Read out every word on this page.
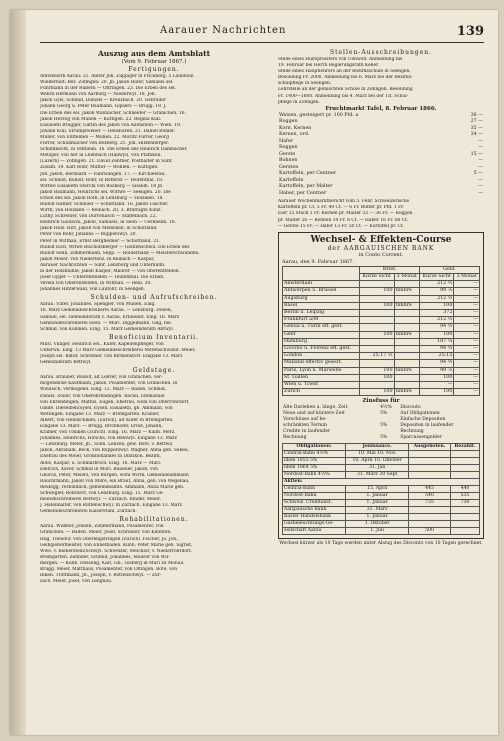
Aarauer Nachrichten	139
Auszug aus dem Amtsblatt
(Vom 9. Februar 1867.)
Fertigungen.
Amtsbezirk Aarau: 21. Aalter Joh. Zuppiger in Frickberg, 5 Laubholz.
Wiederholt: Bez. Zofingen: 20. Jb. Jakob Hofer, Samuels sel.
Fuhrmann in der Rubern — Oftringen. 23. Die Erben des sel.
Wehrli Hermann von Aarburg — Niederwyl. 18. Joh.
Jakob Gysi, Schmid, Daniels — Kreuzbach. 20. Gebrüder
Johann Georg u. Peter Baumann, Gipsers — Brugg. 18. J.
Die Erben des sel. Jakob Wannacher, Schneider — Gränichen. 16.
Jakob Herzog von Muhen — Küttigen. 22. Regina Kull.
Elisabeth Brugger, Gattin des Jakob von Auenstein — Wien. 19.
Johann Kull, Strumpfweber — Densbüren. 21. Daniel Bühler.
Müller, von Entfelden — Muhen. 22. Moritz Furrer, Georg
Furrer, Schuhmacher von Bözberg. 21. Joh. Hildenberger.
Schiltknecht, in Veltheim. 16. Die Erben des Heinrich Dambacher.
Metzger, von her in Leimbach (Hallwyl), von Pfäffikon.
(Luzern) — Zofingen. 21. David Zentner, Posthalter in Suhr.
Zusam. 19. Karl Rohr, Mutter — Wohlen. — Küttigen.
Joh. Jakob, Bernhard — Fahrwangen. 17. — Kirchleerau.
sel. Schmid, Rudolf, Rohr, in Rothrist — Teufenthal. 18.
Wittwe Elisabeth Sterchi von Bözberg — Sisseln. 18 Jb.
Jakob Baumann, Heinrichs sel. Wittwe — Seengen. 20. Die
Erben des sel. Jakob Roth, in Lenzburg — Holziken. 18.
Rudolf Hafner, Schmied — Schöftland. 16. Jakob Lüscher.
Wirth, von Holziken — Reinach. 20. 3. Bräfrägte Kunz.
Lüthy, Schreiner, von Dürrenäsch — Staffelbach. 22.
Heinrich Gautschi, Jakob, Samuels, in Seon — Uerkheim. 18.
Jakob Holz. Hirt, Jakob von Menziken, in Schöftland.
Peter von Rohr, Johanns — Rupperswyl. 20.
Peter in Wittnau, Ernst Bergheimer — Schöftland. 21.
Rudolf Eich, Witwe Bischofsberger — Gontenschwil. Die Erben des
Rudolf Senn, Zimmermann, Sepp. — Holderbank — Meisterschwanden.
Jakob Moser, von Niederlenz, in Reinach — Kaspar,
Aarauer Nachrichten — Suhr, Lenzburg und Unterkulm.
in der Holzmühle, Jakob Kasper, Maurer — von Oberentfelden.
Josef Gyger — Unterentfelden — Teufenthal. Die Erben.
Verein von Oberentfelden, in Wittnau. — Rein. 20.
Johannes Hinterwald, von Laufohr, in Seengen.
Schulden- und Aufrufschreiben.
Aarau. Vilter, Johannes, Spengler, von Muhen. Eing.
16. März Gemeindeschreiberei Aarau. — Lenzburg. Döbeli,
Samuel, sel. Gemeinderath v. Aarau, Erblasser. Eing. 16. März
Gemeindeschreiberei Seon. — Muri. Diggelmann, Gilg, bei
Schmid, von Kölliken. Eing. 15. März Gemeinderath Abtwyl.
Beneficium Inventarii.
Muri. Villiger, Heinrich sel., Küfer, Kapellenpfleger, von
Unterwil. Eing. 13 März Gemeindeschreiberei Merenschwand. Meier,
Joseph sel. Bater, Schreiner, von Birmenstorf. Eingabe 13. März
Gemeinderath Bettwyl.
Geldstage.
Aarau. Brauner, Rudolf, alt Lehrer, von Gränichen, ver-
mögendlose Kaufmann, Jakob, Posamenter, von Gränichen, in
Windisch, vermögend. Eing. 12. März — Baden. Schmid,
Daniel, Zeiler, von Oberehrendingen. Bächli, Emmanuel
von Ehrendingen; Mathis, Eugen, Ehefrau, wohl von Dberrohrdorf,
Gmde. Dieselben/Sysel, Eyseli, Elisabeth, gb. Ammann, von
Wettingen. Eingabe 13. März — Bremgarten. Kramer,
Albert, von Hendschiken, (Zürich), alt Küfer in Bremgarten.
Eingabe 13. März. — Brugg. Birchhofer, Ernst, Johann,
Krämer, von Umiken (Zürich). Eing. 16. März — Kulm. Merz,
Johannes, Heinrichs, Hirschs, von Beinwyl. Eingabe 13. März
— Lenzburg. Meier, Jb., Sohn, Lenzen, gew. Bote, v. Bettwil
Jakob, Abraham, Beck, von Rupperswyl. Wagner, Anna geb. Sebeli,
Ehefrau des Meier, Großhoflandes in Dintikon. Bezirk,
Alois, Kaspar, u. Schmarbrich. Eing. 16. März — Muri.
Dietrich, Xaver, Schmid in Muri. Rauener, Jakob, von
Ghoroz, Peter, Meiers, von Bürgen, wohl Wirth. Gemeindeammann
Rauchrmann, Jakob von Mure, ein Braut, Anna, geb. von Wegenau,
Reufegg, verbindlich, gemeindeamts. Ammann, Anna Marie geb.
Schwegler, Rohrdorf, von Lenzburg. Eing. 15. März Ge-
meindeschreiberei Bettwyl. — Zurzach. Binder, Meier,
J. Hafenhalter, von Ruttenschwyl, in Zurzach. Eingabe 13. März
Gemeindeschreiberei Kaiserstuhl, Zurzach.
Rehabilitationen.
Aarau. Widmer, Johann, Zimmermann, Posamenter, von
Gränichen. — Baden. Meier, Josef, Schreiner, von Klinnten.
Hug, Theodor, von Oberengstringen (Zürich). Fischer, Jo. Joh.,
Gelbgießermeister, von Ennetbaden. Kuhn, Peter Marie geb. Sigrist,
Wwe. v. Bieberstein/Schwyl. Schweizer, Melchior, v. Niederrohrdorf.
Bremgarten. Zehnder, Schmid, Johannes, Maurer von Wil-
mergen. — Kulm. Dessling, Karl, Gb., Gisberg in Muri zu Mönau.
Brugg. Meier, Matthäus, Posamenter, von Oltingen. Bote, von
Riken. Trottmann, Jb., Joseph, v. Rottenschwyl. — Zur-
zach. Meier, Josef, von Lengnau.
Stellen-Ausschreibungen.
Stelle eines Hülfspriesters von Uehwolf. Anmeldung bis
19. Februar bei Herrn Regierungsrath Keller.
Stelle eines Hauptlehrers an der Bezirksschule in Seengen.
Besoldung Fr. 2000. Anmeldung bis 6. März bei der Bezirks-
schulpflege in Seengen.
Lehrstelle an der gemischten Schule in Zofingen. Besoldung
Fr. 1400—1800. Anmeldung bis 4. März bei der Tit. Schul-
pflege in Zofingen.
Fruchtmarkt Tafel, 8. Februar 1866.
Weizen, gesteigert pr. 100 Pfd. a	36 —
Roggen	27 —
Korn, Kernen	35 —
Kernen, ord.	34 —
Hafer	—
Roggen	—
Gerste	15 —
Bohnen	—
Gersten	—
Kartoffeln, per Centner	5 —
Kartoffeln	—
Kartoffeln, per Malter	—
Haber, per Centner	—
Aarauer Wochenmarktbericht vom 5. Febr. Schweizerische
Kartoffeln pr. Ct. 5 Fr. 40 Ct. — 6 Fr. Butter pr. Pfd. 1 Fr.
Eier 15 Stück 1 Fr. Kernen pr. Malter 32 — 36 Fr. — Roggen
pr. Malter 26 — Bohnen 14 Fr. 8 Ct. — Haber 16 Fr. 80 Ct.
— Gerste 15 Fr. — Hafer 13 Fr. 50 Ct. — Kartoffel pr. Ct.
Wechsel- & Effekten-Course
der AARGAUISCHEN BANK
in Conto Corrent.
Aarau, den 9. Februar 1867.
	Brief.		Geld.	
	Kurze Sicht	3 Monat	Kurze Sicht	3 Monat
Amsterdam			212 ½	—
Antwerpen u. Brüssel	100	timbré	99 ⅞	—
Augsburg			212 ½	—
Basel	100	timbré	100	—
Berlin u. Leipzig			372	—
Frankfurt a/M			212 ½	—
Genua u. Turin eff. gest.			94 ½	—
Genf	100	timbré	100	—
Hamburg			187 ¼	—
Livorno u. Florenz eff. gest.			94 ½	—
London	25.17 ½		25.15	—
Mailand effectiv gesezt.			94 ½	—
Paris, Lyon u. Marseille	100	timbré	99 ⅞	—
St. Gallen	100		100	—
Wien u. Triest			—	—
Zürich	100	timbré	100	—
Zinsfuss für
Alte Darlehen a. länge. Zeit	4½%	Discouto
Neue und auf kürzere Zeit	5%	Auf Obligationen
Vorschüsse auf be-		Einfache Depositen
schränkten Termin	5%	Depositen in laufender
Credite in laufender		Rechnung
Rechnung	5%	Sparcassengelder
Obligationen:	Jouissance.	Ausgeboten.	Bezahlt.
Central-Bahn 4½%	10. Mai 10. Nov.		
idem 1855 5%	10. April 10. Oktober		
idem 1864 5%	31. Jan		
Nordost-Bahn 4½%	31. März 30 Sept		
Aktien:			
Central-Bahn	15. April	445	440
Nordost-Bahn	1. Januar	540	535
Schweiz. Creditanst.	1. Januar	735	730
Aargauische Bank	31. März		
Basler Handelsbank	1. Januar		
Gasbeleuchtungs-Ge-	1. Oktober		
sellschaft Aarau	1. Juli	500	
Wechsel kürzer als 10 Tage werden unter Abzug des Disconto von 10 Tagen gerechnet.
